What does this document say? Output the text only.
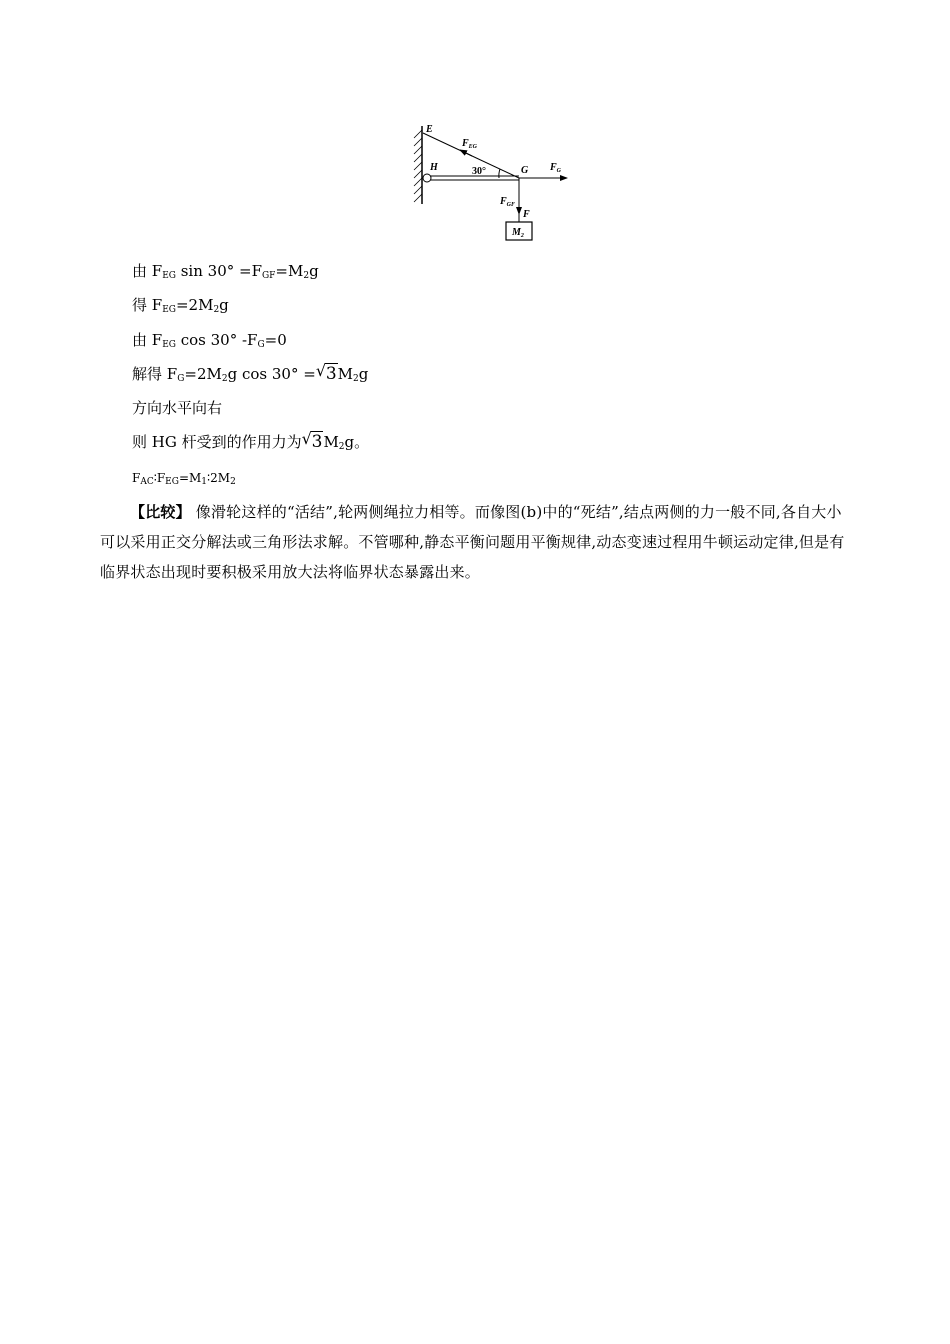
E
H	G
F
$F_{EG}$
$F_G$
$F_{GF}$
30°
$M_2$
由 $F_{EG}$ $\sin 30^\circ =F_{GF}=M_2g$
得 $F_{EG}=2M_2g$
由 $F_{EG}$ cos 30° $-F_G=0$
解得 $F_G=2M_2g$ cos 30° = √ $3M_2g$
方向水平向右
则 HG 杆受到的作用力为 √ $3M_2g$。
$F_{AC}∶F_{EG}=M_1∶2M_2$
【比较】 像滑轮这样的“活结”,轮两侧绳拉力相等。而像图(b)中的“死结”,结点两侧的力一般不同,各自大小可以采用正交分解法或三角形法求解。不管哪种,静态平衡问题用平衡规律,动态变速过程用牛顿运动定律,但是有临界状态出现时要积极采用放大法将临界状态暴露出来。
